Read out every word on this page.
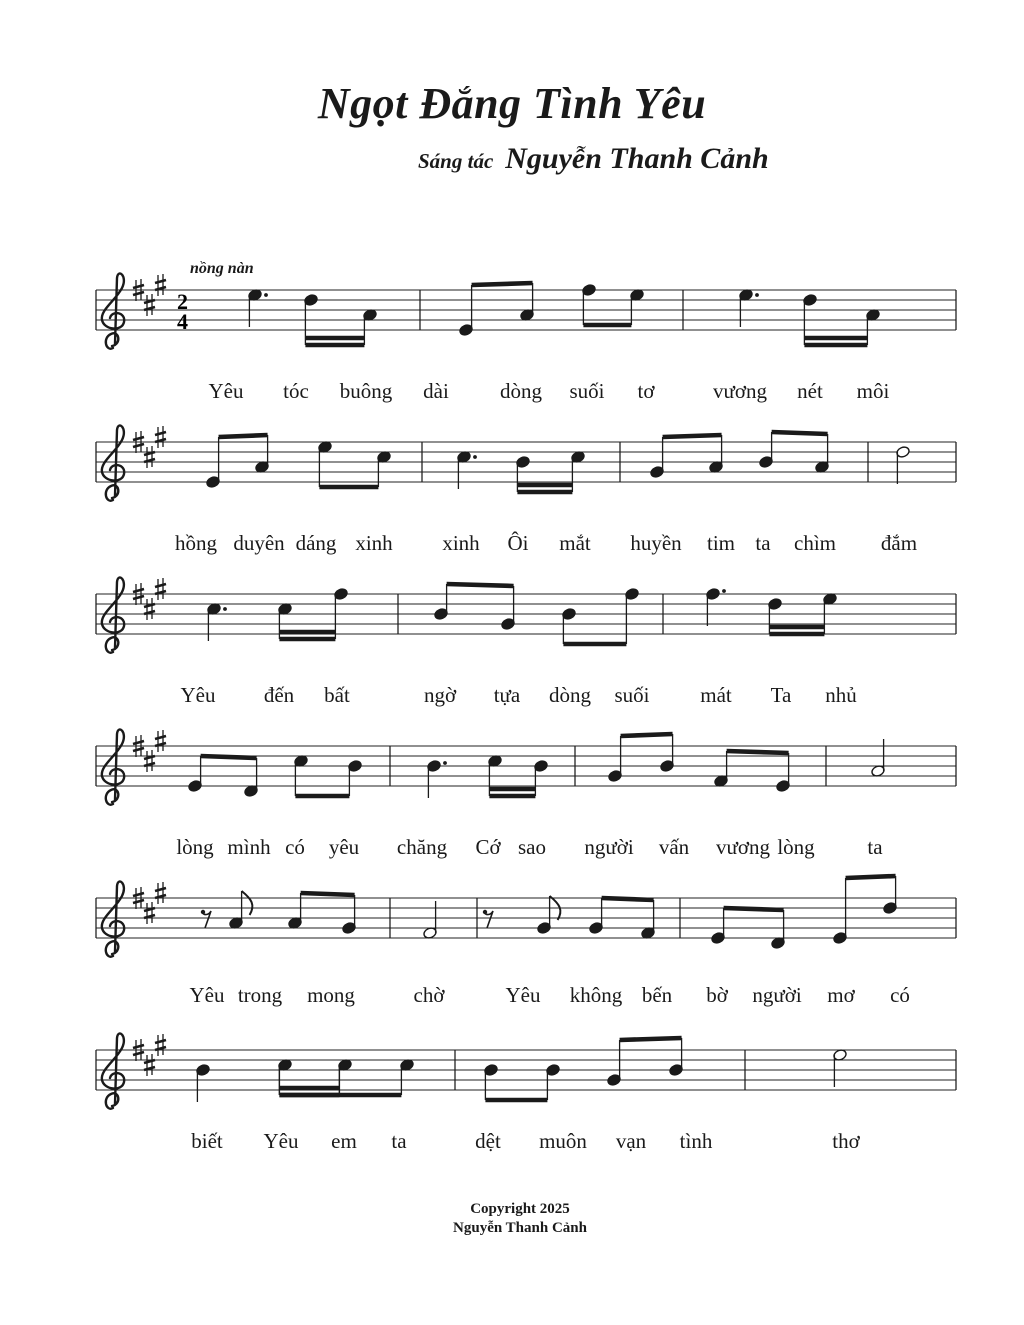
Ngọt Đắng Tình Yêu
Sáng tác Nguyễn Thanh Cảnh
nồng nàn
2
4
Yêu tóc buông dài dòng suối tơ	vương nét môi
hồng duyên dáng xinh xinh Ôi mắt huyền tim ta chìm đắm
Yêu đến bất	ngờ tựa dòng suối mát Ta nhủ
lòng mình có yêu chăng Cớ sao người vấn vương lòng	ta
Yêu trong mong	chờ	Yêu không bến bờ người mơ có
biết Yêu em ta	dệt muôn vạn tình	thơ
Copyright 2025
Nguyễn Thanh Cảnh
